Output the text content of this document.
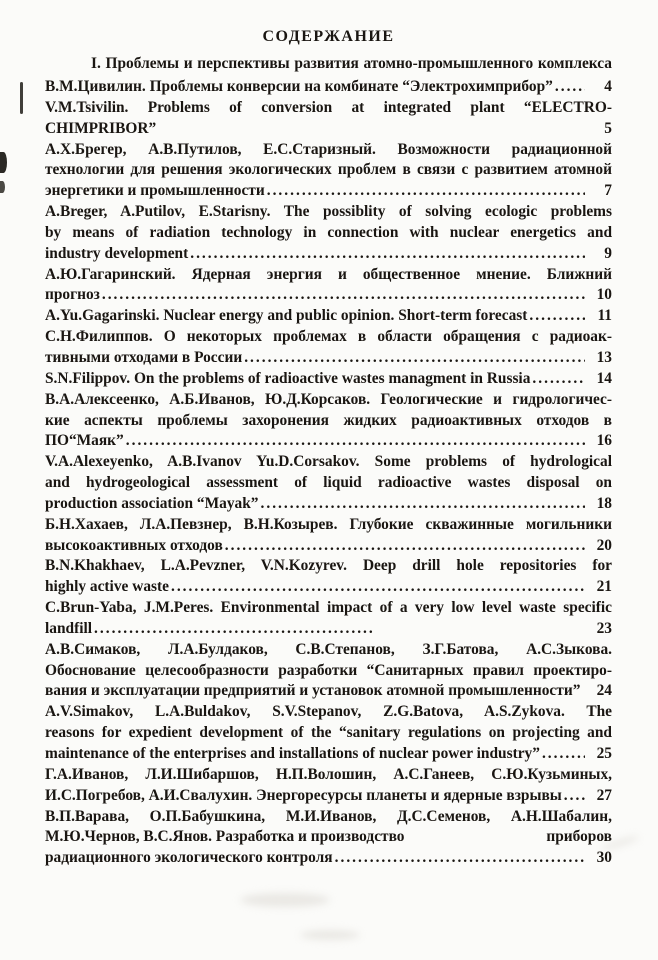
СОДЕРЖАНИЕ
I. Проблемы и перспективы развития атомно-промышленного комплекса
В.М.Цивилин. Проблемы конверсии на комбинате “Электрохимприбор” .....	4
V.M.Tsivilin. Problems of conversion at integrated plant “ELECTRO-
CHIMPRIBOR”	5
А.Х.Брегер, А.В.Путилов, Е.С.Старизный. Возможности радиационной
технологии для решения экологических проблем в связи с развитием атомной
энергетики и промышленности .....	7
A.Breger, A.Putilov, E.Starisny. The possiblity of solving ecologic problems
by means of radiation technology in connection with nuclear energetics and
industry development .....	9
А.Ю.Гагаринский. Ядерная энергия и общественное мнение. Ближний
прогноз .....	10
A.Yu.Gagarinski. Nuclear energy and public opinion. Short-term forecast .....	11
С.Н.Филиппов. О некоторых проблемах в области обращения с радиоак-
тивными отходами в России .....	13
S.N.Filippov. On the problems of radioactive wastes managment in Russia .....	14
В.А.Алексеенко, А.Б.Иванов, Ю.Д.Корсаков. Геологические и гидрологичес-
кие аспекты проблемы захоронения жидких радиоактивных отходов в
ПО“Маяк” .....	16
V.A.Alexeyenko, A.B.Ivanov Yu.D.Corsakov. Some problems of hydrological
and hydrogeological assessment of liquid radioactive wastes disposal on
production association “Mayak” .....	18
Б.Н.Хахаев, Л.А.Певзнер, В.Н.Козырев. Глубокие скважинные могильники
высокоактивных отходов .....	20
B.N.Khakhaev, L.A.Pevzner, V.N.Kozyrev. Deep drill hole repositories for
highly active waste .....	21
C.Brun-Yaba, J.M.Peres. Environmental impact of a very low level waste specific
landfill .....	23
А.В.Симаков, Л.А.Булдаков, С.В.Степанов, З.Г.Батова, А.С.Зыкова.
Обоснование целесообразности разработки “Санитарных правил проектиро-
вания и эксплуатации предприятий и установок атомной промышленности”	24
A.V.Simakov, L.A.Buldakov, S.V.Stepanov, Z.G.Batova, A.S.Zykova. The
reasons for expedient development of the “sanitary regulations on projecting and
maintenance of the enterprises and installations of nuclear power industry” .....	25
Г.А.Иванов, Л.И.Шибаршов, Н.П.Волошин, А.С.Ганеев, С.Ю.Кузьминых,
И.С.Погребов, А.И.Свалухин. Энергоресурсы планеты и ядерные взрывы .....	27
В.П.Варава, О.П.Бабушкина, М.И.Иванов, Д.С.Семенов, А.Н.Шабалин,
М.Ю.Чернов, В.С.Янов. Разработка и производство	приборов
радиационного экологического контроля .....	30
